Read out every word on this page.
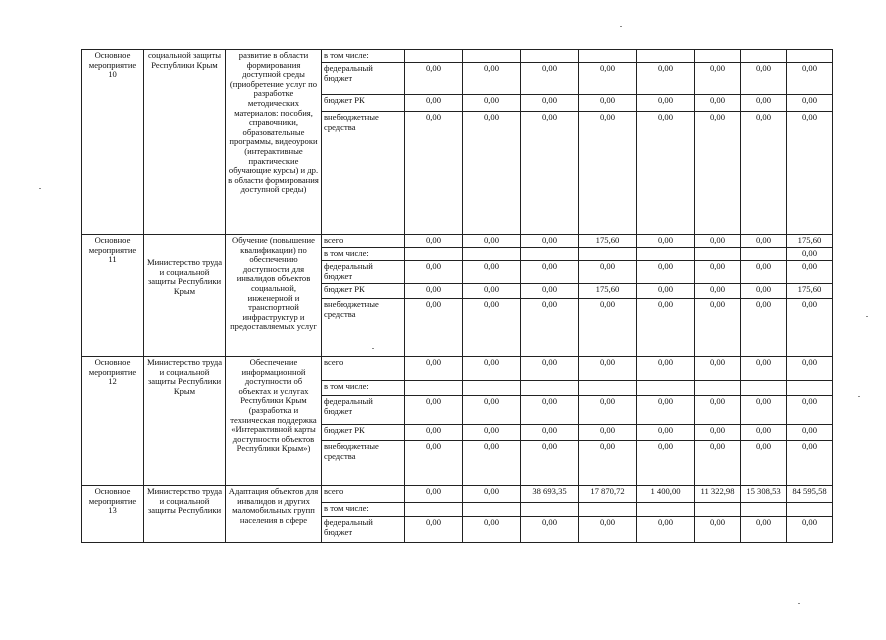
Основное мероприятие 10	социальной защиты Республики Крым	развитие в области формирования доступной среды (приобретение услуг по разработке методических материалов: пособия, справочники, образовательные программы, видеоуроки (интерактивные практические обучающие курсы) и др. в области формирования доступной среды)	в том числе:								
			федеральный бюджет	0,00	0,00	0,00	0,00	0,00	0,00	0,00	0,00
			бюджет РК	0,00	0,00	0,00	0,00	0,00	0,00	0,00	0,00
			внебюджетные средства	0,00	0,00	0,00	0,00	0,00	0,00	0,00	0,00
Основное мероприятие 11	Министерство труда и социальной защиты Республики Крым	Обучение (повышение квалификации) по обеспечению доступности для инвалидов объектов социальной, инженерной и транспортной инфраструктур и предоставляемых услуг	всего	0,00	0,00	0,00	175,60	0,00	0,00	0,00	175,60
			в том числе:								0,00
			федеральный бюджет	0,00	0,00	0,00	0,00	0,00	0,00	0,00	0,00
			бюджет РК	0,00	0,00	0,00	175,60	0,00	0,00	0,00	175,60
			внебюджетные средства	0,00	0,00	0,00	0,00	0,00	0,00	0,00	0,00
Основное мероприятие 12	Министерство труда и социальной защиты Республики Крым	Обеспечение информационной доступности об объектах и услугах Республики Крым (разработка и техническая поддержка «Интерактивной карты доступности объектов Республики Крым»)	всего	0,00	0,00	0,00	0,00	0,00	0,00	0,00	0,00
			в том числе:								
			федеральный бюджет	0,00	0,00	0,00	0,00	0,00	0,00	0,00	0,00
			бюджет РК	0,00	0,00	0,00	0,00	0,00	0,00	0,00	0,00
			внебюджетные средства	0,00	0,00	0,00	0,00	0,00	0,00	0,00	0,00
Основное мероприятие 13	Министерство труда и социальной защиты Республики	Адаптация объектов для инвалидов и других маломобильных групп населения в сфере	всего	0,00	0,00	38 693,35	17 870,72	1 400,00	11 322,98	15 308,53	84 595,58
			в том числе:								
			федеральный бюджет	0,00	0,00	0,00	0,00	0,00	0,00	0,00	0,00
